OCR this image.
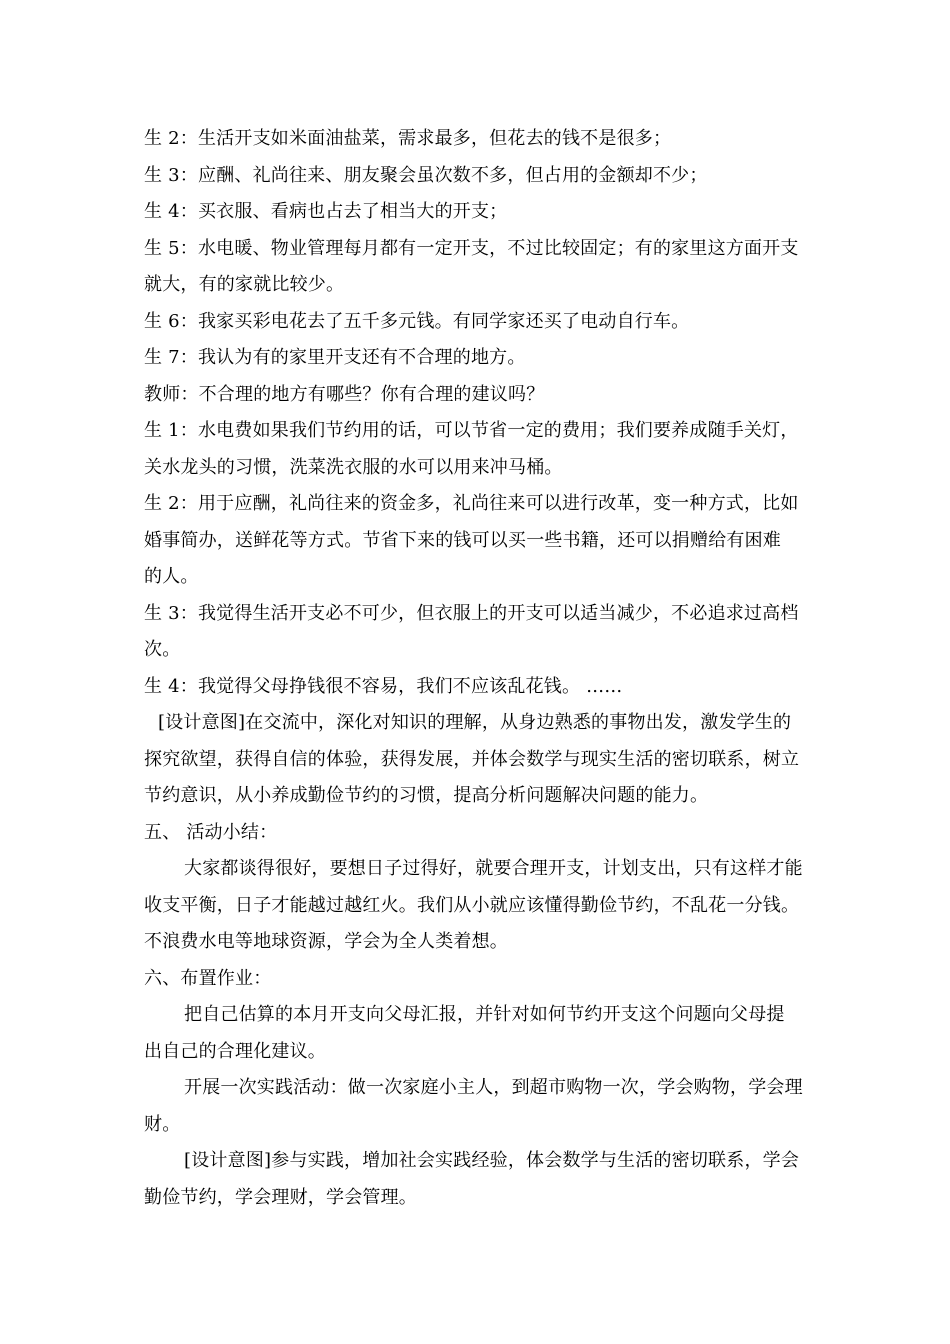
生 2：生活开支如米面油盐菜，需求最多，但花去的钱不是很多；
生 3：应酬、礼尚往来、朋友聚会虽次数不多，但占用的金额却不少；
生 4：买衣服、看病也占去了相当大的开支；
生 5：水电暖、物业管理每月都有一定开支，不过比较固定；有的家里这方面开支
就大，有的家就比较少。
生 6：我家买彩电花去了五千多元钱。有同学家还买了电动自行车。
生 7：我认为有的家里开支还有不合理的地方。
教师：不合理的地方有哪些？你有合理的建议吗？
生 1：水电费如果我们节约用的话，可以节省一定的费用；我们要养成随手关灯，
关水龙头的习惯，洗菜洗衣服的水可以用来冲马桶。
生 2：用于应酬，礼尚往来的资金多，礼尚往来可以进行改革，变一种方式，比如
婚事简办，送鲜花等方式。节省下来的钱可以买一些书籍，还可以捐赠给有困难
的人。
生 3：我觉得生活开支必不可少，但衣服上的开支可以适当减少，不必追求过高档
次。
生 4：我觉得父母挣钱很不容易，我们不应该乱花钱。 ……
[设计意图]在交流中，深化对知识的理解，从身边熟悉的事物出发，激发学生的
探究欲望，获得自信的体验，获得发展，并体会数学与现实生活的密切联系，树立
节约意识，从小养成勤俭节约的习惯，提高分析问题解决问题的能力。
五、 活动小结：
大家都谈得很好，要想日子过得好，就要合理开支，计划支出，只有这样才能
收支平衡，日子才能越过越红火。我们从小就应该懂得勤俭节约，不乱花一分钱。
不浪费水电等地球资源，学会为全人类着想。
六、布置作业：
把自己估算的本月开支向父母汇报，并针对如何节约开支这个问题向父母提
出自己的合理化建议。
开展一次实践活动：做一次家庭小主人，到超市购物一次，学会购物，学会理
财。
[设计意图]参与实践，增加社会实践经验，体会数学与生活的密切联系，学会
勤俭节约，学会理财，学会管理。
